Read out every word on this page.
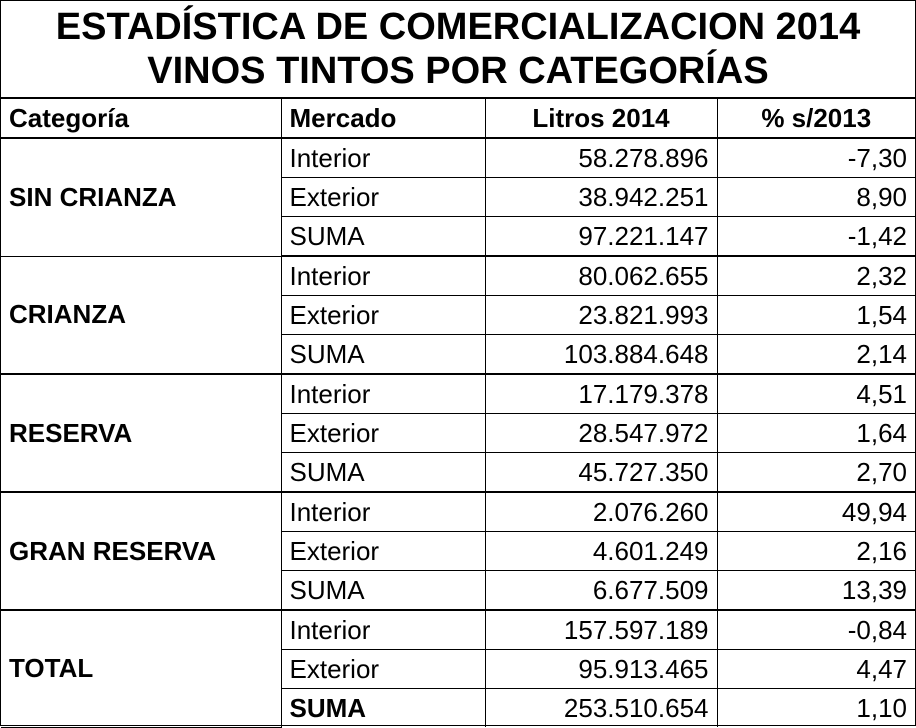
ESTADÍSTICA DE COMERCIALIZACION 2014
VINOS TINTOS POR CATEGORÍAS
Categoría	Mercado	Litros 2014	% s/2013
SIN CRIANZA	Interior	58.278.896	-7,30
	Exterior	38.942.251	8,90
	SUMA	97.221.147	-1,42
CRIANZA	Interior	80.062.655	2,32
	Exterior	23.821.993	1,54
	SUMA	103.884.648	2,14
RESERVA	Interior	17.179.378	4,51
	Exterior	28.547.972	1,64
	SUMA	45.727.350	2,70
GRAN RESERVA	Interior	2.076.260	49,94
	Exterior	4.601.249	2,16
	SUMA	6.677.509	13,39
TOTAL	Interior	157.597.189	-0,84
	Exterior	95.913.465	4,47
	SUMA	253.510.654	1,10
